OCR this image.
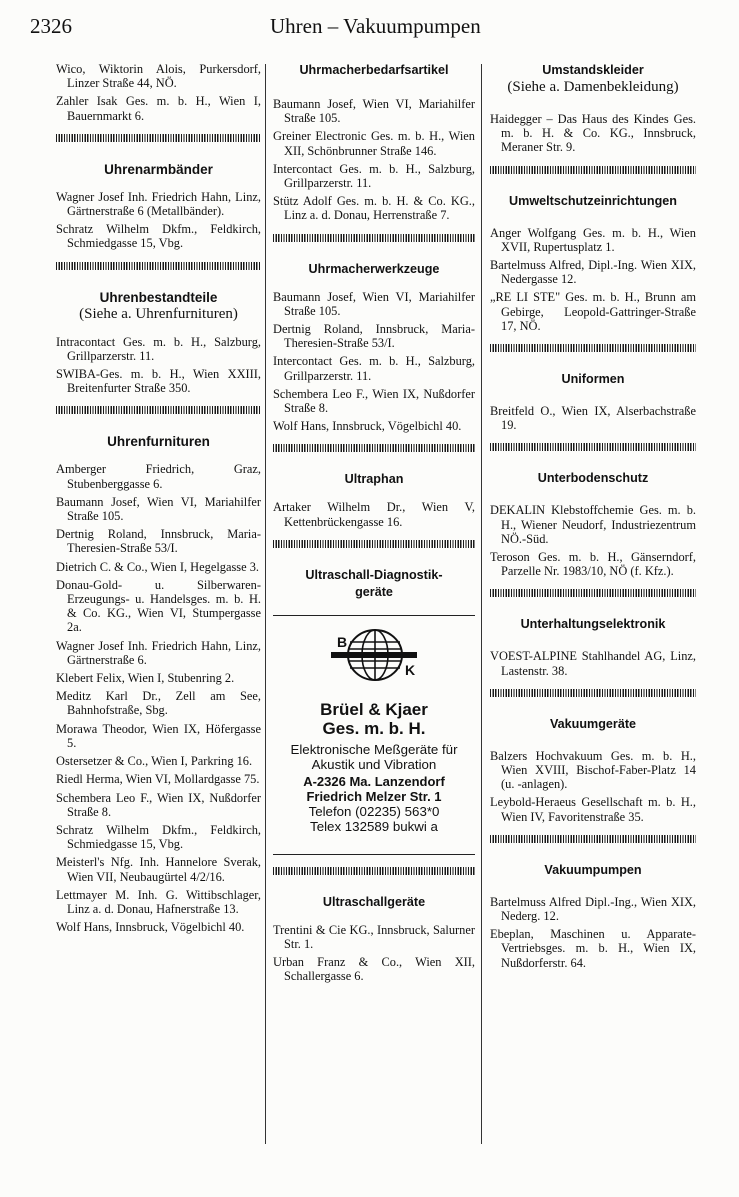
2326	Uhren – Vakuumpumpen

Wico, Wiktorin Alois, Purkersdorf, Linzer Straße 44, NÖ.

Zahler Isak Ges. m. b. H., Wien I, Bauernmarkt 6.

Uhrenarmbänder

Wagner Josef Inh. Friedrich Hahn, Linz, Gärtnerstraße 6 (Metallbänder).

Schratz Wilhelm Dkfm., Feldkirch, Schmiedgasse 15, Vbg.

Uhrenbestandteile
(Siehe a. Uhrenfurnituren)

Intracontact Ges. m. b. H., Salzburg, Grillparzerstr. 11.

SWIBA-Ges. m. b. H., Wien XXIII, Breitenfurter Straße 350.

Uhrenfurnituren

Amberger Friedrich, Graz, Stubenberggasse 6.

Baumann Josef, Wien VI, Mariahilfer Straße 105.

Dertnig Roland, Innsbruck, Maria-Theresien-Straße 53/I.

Dietrich C. & Co., Wien I, Hegelgasse 3.

Donau-Gold- u. Silberwaren-Erzeugungs- u. Handelsges. m. b. H. & Co. KG., Wien VI, Stumpergasse 2a.

Wagner Josef Inh. Friedrich Hahn, Linz, Gärtnerstraße 6.

Klebert Felix, Wien I, Stubenring 2.

Meditz Karl Dr., Zell am See, Bahnhofstraße, Sbg.

Morawa Theodor, Wien IX, Höfergasse 5.

Ostersetzer & Co., Wien I, Parkring 16.

Riedl Herma, Wien VI, Mollardgasse 75.

Schembera Leo F., Wien IX, Nußdorfer Straße 8.

Schratz Wilhelm Dkfm., Feldkirch, Schmiedgasse 15, Vbg.

Meisterl's Nfg. Inh. Hannelore Sverak, Wien VII, Neubaugürtel 4/2/16.

Lettmayer M. Inh. G. Wittibschlager, Linz a. d. Donau, Hafnerstraße 13.

Wolf Hans, Innsbruck, Vögelbichl 40.

Uhrmacherbedarfsartikel

Baumann Josef, Wien VI, Mariahilfer Straße 105.

Greiner Electronic Ges. m. b. H., Wien XII, Schönbrunner Straße 146.

Intercontact Ges. m. b. H., Salzburg, Grillparzerstr. 11.

Stütz Adolf Ges. m. b. H. & Co. KG., Linz a. d. Donau, Herrenstraße 7.

Uhrmacherwerkzeuge

Baumann Josef, Wien VI, Mariahilfer Straße 105.

Dertnig Roland, Innsbruck, Maria-Theresien-Straße 53/I.

Intercontact Ges. m. b. H., Salzburg, Grillparzerstr. 11.

Schembera Leo F., Wien IX, Nußdorfer Straße 8.

Wolf Hans, Innsbruck, Vögelbichl 40.

Ultraphan

Artaker Wilhelm Dr., Wien V, Kettenbrückengasse 16.

Ultraschall-Diagnostik-geräte
B
K
Brüel & Kjaer
Ges. m. b. H.
Elektronische Meßgeräte für
Akustik und Vibration
A-2326 Ma. Lanzendorf
Friedrich Melzer Str. 1
Telefon (02235) 563*0
Telex 132589 bukwi a
Ultraschallgeräte

Trentini & Cie KG., Innsbruck, Salurner Str. 1.

Urban Franz & Co., Wien XII, Schallergasse 6.

Umstandskleider
(Siehe a. Damenbekleidung)

Haidegger – Das Haus des Kindes Ges. m. b. H. & Co. KG., Innsbruck, Meraner Str. 9.

Umweltschutzeinrichtungen

Anger Wolfgang Ges. m. b. H., Wien XVII, Rupertusplatz 1.

Bartelmuss Alfred, Dipl.-Ing. Wien XIX, Nedergasse 12.

„RE LI STE" Ges. m. b. H., Brunn am Gebirge, Leopold-Gattringer-Straße 17, NÖ.

Uniformen

Breitfeld O., Wien IX, Alserbachstraße 19.

Unterbodenschutz

DEKALIN Klebstoffchemie Ges. m. b. H., Wiener Neudorf, Industriezentrum NÖ.-Süd.

Teroson Ges. m. b. H., Gänserndorf, Parzelle Nr. 1983/10, NÖ (f. Kfz.).

Unterhaltungselektronik

VOEST-ALPINE Stahlhandel AG, Linz, Lastenstr. 38.

Vakuumgeräte

Balzers Hochvakuum Ges. m. b. H., Wien XVIII, Bischof-Faber-Platz 14 (u. -anlagen).

Leybold-Heraeus Gesellschaft m. b. H., Wien IV, Favoritenstraße 35.

Vakuumpumpen

Bartelmuss Alfred Dipl.-Ing., Wien XIX, Nederg. 12.

Ebeplan, Maschinen u. Apparate-Vertriebsges. m. b. H., Wien IX, Nußdorferstr. 64.
